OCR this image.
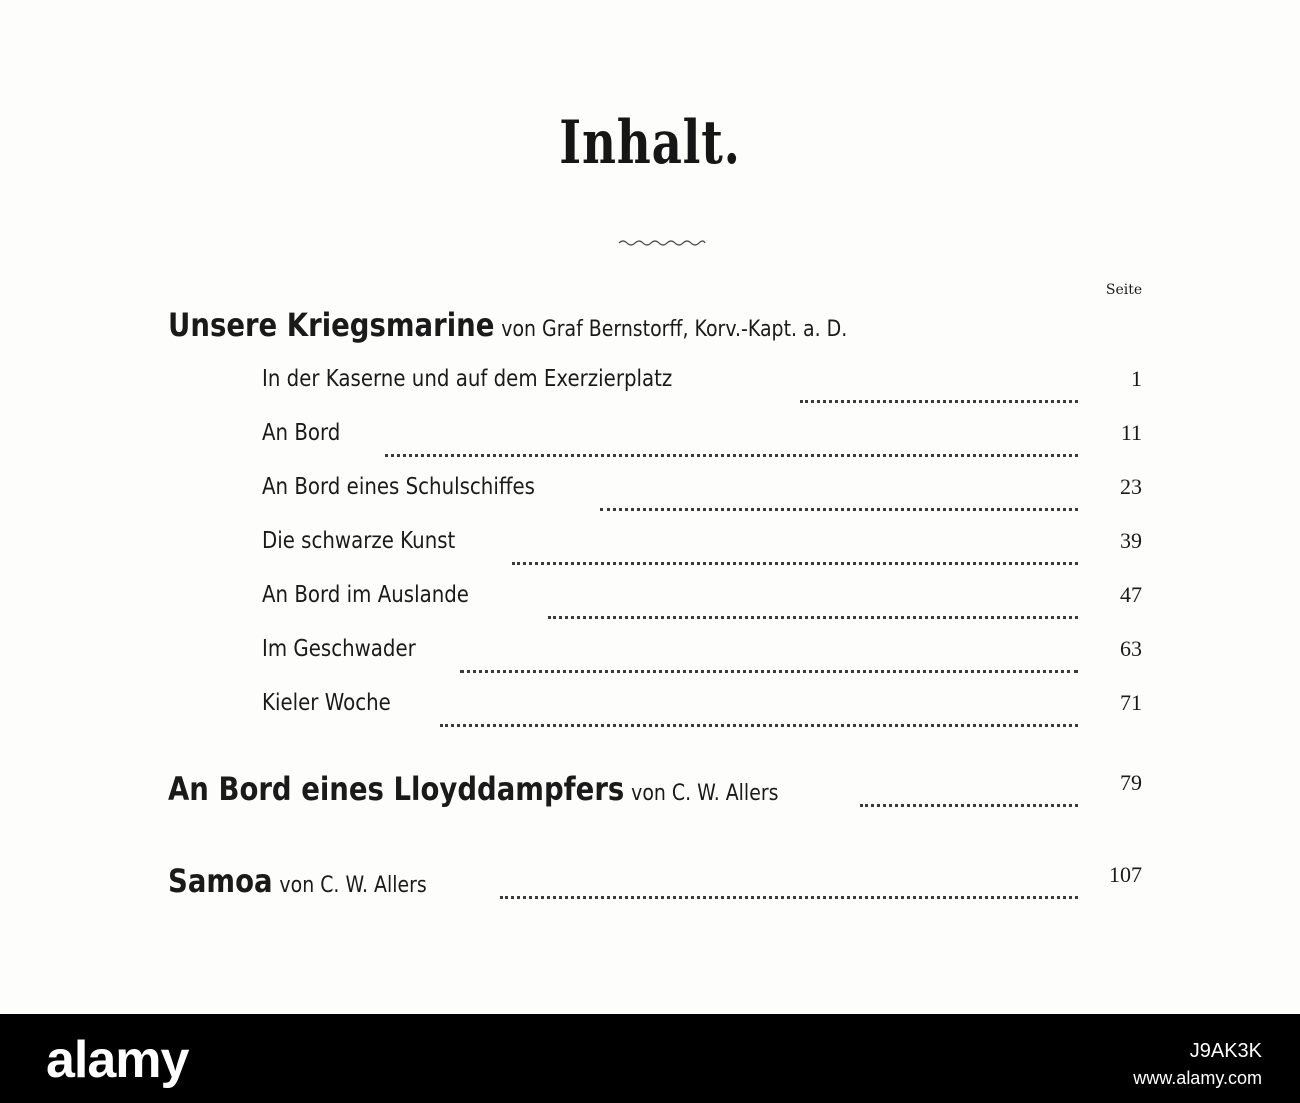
Inhalt.
Seite
Unsere Kriegsmarine von Graf Bernstorff, Korv.-Kapt. a. D.
In der Kaserne und auf dem Exerzierplatz	1
An Bord	11
An Bord eines Schulschiffes	23
Die schwarze Kunst	39
An Bord im Auslande	47
Im Geschwader	63
Kieler Woche	71
An Bord eines Lloyddampfers von C. W. Allers	79
Samoa von C. W. Allers	107
alamy	J9AK3K
www.alamy.com
